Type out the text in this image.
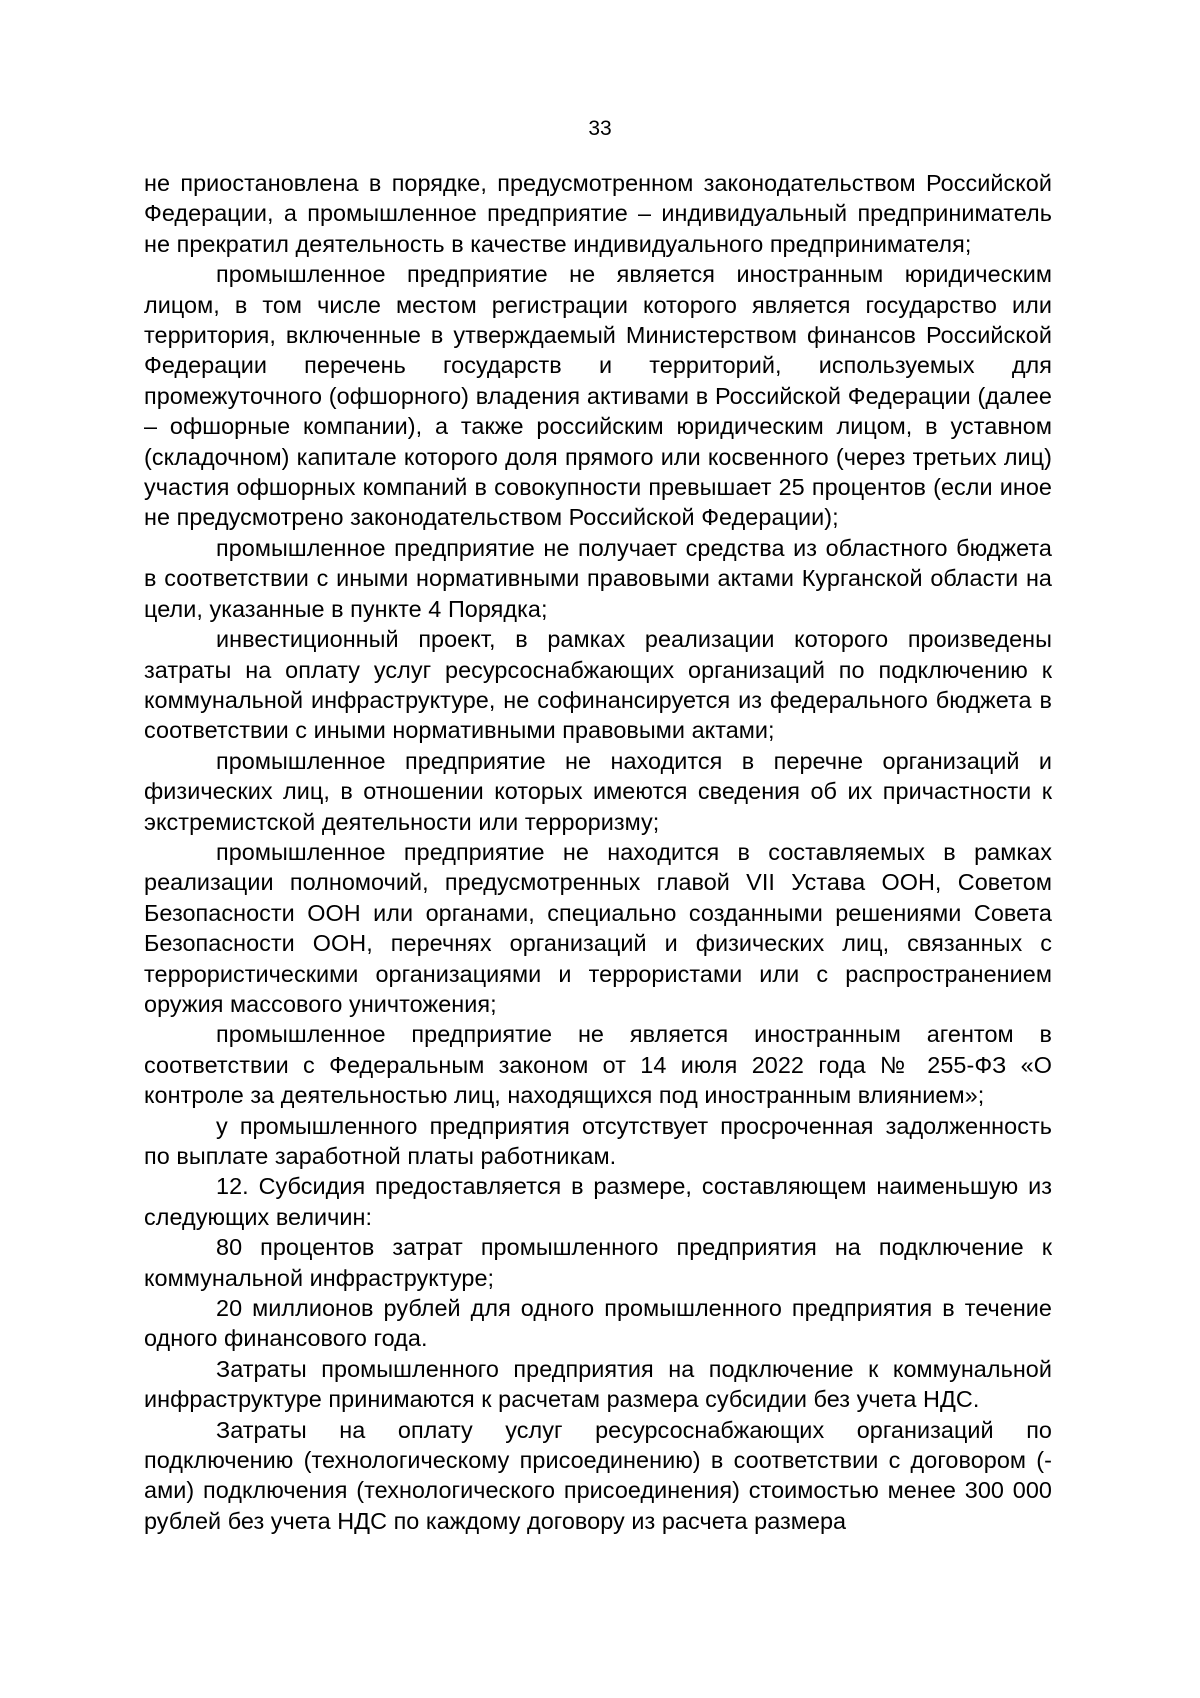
33

не приостановлена в порядке, предусмотренном законодательством Российской Федерации, а промышленное предприятие – индивидуальный предприниматель не прекратил деятельность в качестве индивидуального предпринимателя;

промышленное предприятие не является иностранным юридическим лицом, в том числе местом регистрации которого является государство или территория, включенные в утверждаемый Министерством финансов Российской Федерации перечень государств и территорий, используемых для промежуточного (офшорного) владения активами в Российской Федерации (далее – офшорные компании), а также российским юридическим лицом, в уставном (складочном) капитале которого доля прямого или косвенного (через третьих лиц) участия офшорных компаний в совокупности превышает 25 процентов (если иное не предусмотрено законодательством Российской Федерации);

промышленное предприятие не получает средства из областного бюджета в соответствии с иными нормативными правовыми актами Курганской области на цели, указанные в пункте 4 Порядка;

инвестиционный проект, в рамках реализации которого произведены затраты на оплату услуг ресурсоснабжающих организаций по подключению к коммунальной инфраструктуре, не софинансируется из федерального бюджета в соответствии с иными нормативными правовыми актами;

промышленное предприятие не находится в перечне организаций и физических лиц, в отношении которых имеются сведения об их причастности к экстремистской деятельности или терроризму;

промышленное предприятие не находится в составляемых в рамках реализации полномочий, предусмотренных главой VII Устава ООН, Советом Безопасности ООН или органами, специально созданными решениями Совета Безопасности ООН, перечнях организаций и физических лиц, связанных с террористическими организациями и террористами или с распространением оружия массового уничтожения;

промышленное предприятие не является иностранным агентом в соответствии с Федеральным законом от 14 июля 2022 года № 255-ФЗ «О контроле за деятельностью лиц, находящихся под иностранным влиянием»;

у промышленного предприятия отсутствует просроченная задолженность по выплате заработной платы работникам.

12. Субсидия предоставляется в размере, составляющем наименьшую из следующих величин:

80 процентов затрат промышленного предприятия на подключение к коммунальной инфраструктуре;

20 миллионов рублей для одного промышленного предприятия в течение одного финансового года.

Затраты промышленного предприятия на подключение к коммунальной инфраструктуре принимаются к расчетам размера субсидии без учета НДС.

Затраты на оплату услуг ресурсоснабжающих организаций по подключению (технологическому присоединению) в соответствии с договором (-ами) подключения (технологического присоединения) стоимостью менее 300 000 рублей без учета НДС по каждому договору из расчета размера
